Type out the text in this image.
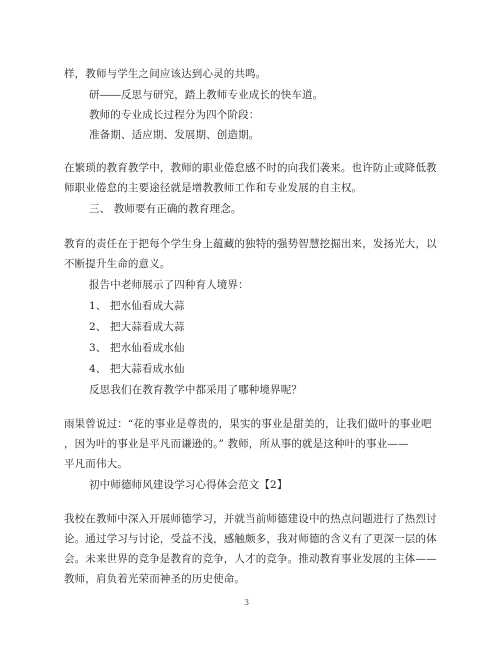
样，教师与学生之间应该达到心灵的共鸣。
研――反思与研究，踏上教师专业成长的快车道。
教师的专业成长过程分为四个阶段：
准备期、适应期、发展期、创造期。
在繁琐的教育教学中，教师的职业倦怠感不时的向我们袭来。也许防止或降低教
师职业倦怠的主要途径就是增教教师工作和专业发展的自主权。
三、 教师要有正确的教育理念。
教育的责任在于把每个学生身上蕴藏的独特的强势智慧挖掘出来，发扬光大，以
不断提升生命的意义。
报告中老师展示了四种育人境界：
1、 把水仙看成大蒜
2、 把大蒜看成大蒜
3、 把水仙看成水仙
4、 把大蒜看成水仙
反思我们在教育教学中都采用了哪种境界呢？
雨果曾说过：“花的事业是尊贵的，果实的事业是甜美的，让我们做叶的事业吧
，因为叶的事业是平凡而谦逊的。” 教师，所从事的就是这种叶的事业——
平凡而伟大。
初中师德师风建设学习心得体会范文【2】
我校在教师中深入开展师德学习，并就当前师德建设中的热点问题进行了热烈讨
论。通过学习与讨论，受益不浅，感触颇多，我对师德的含义有了更深一层的体
会。未来世界的竞争是教育的竞争，人才的竞争。推动教育事业发展的主体——
教师，肩负着光荣而神圣的历史使命。
3
